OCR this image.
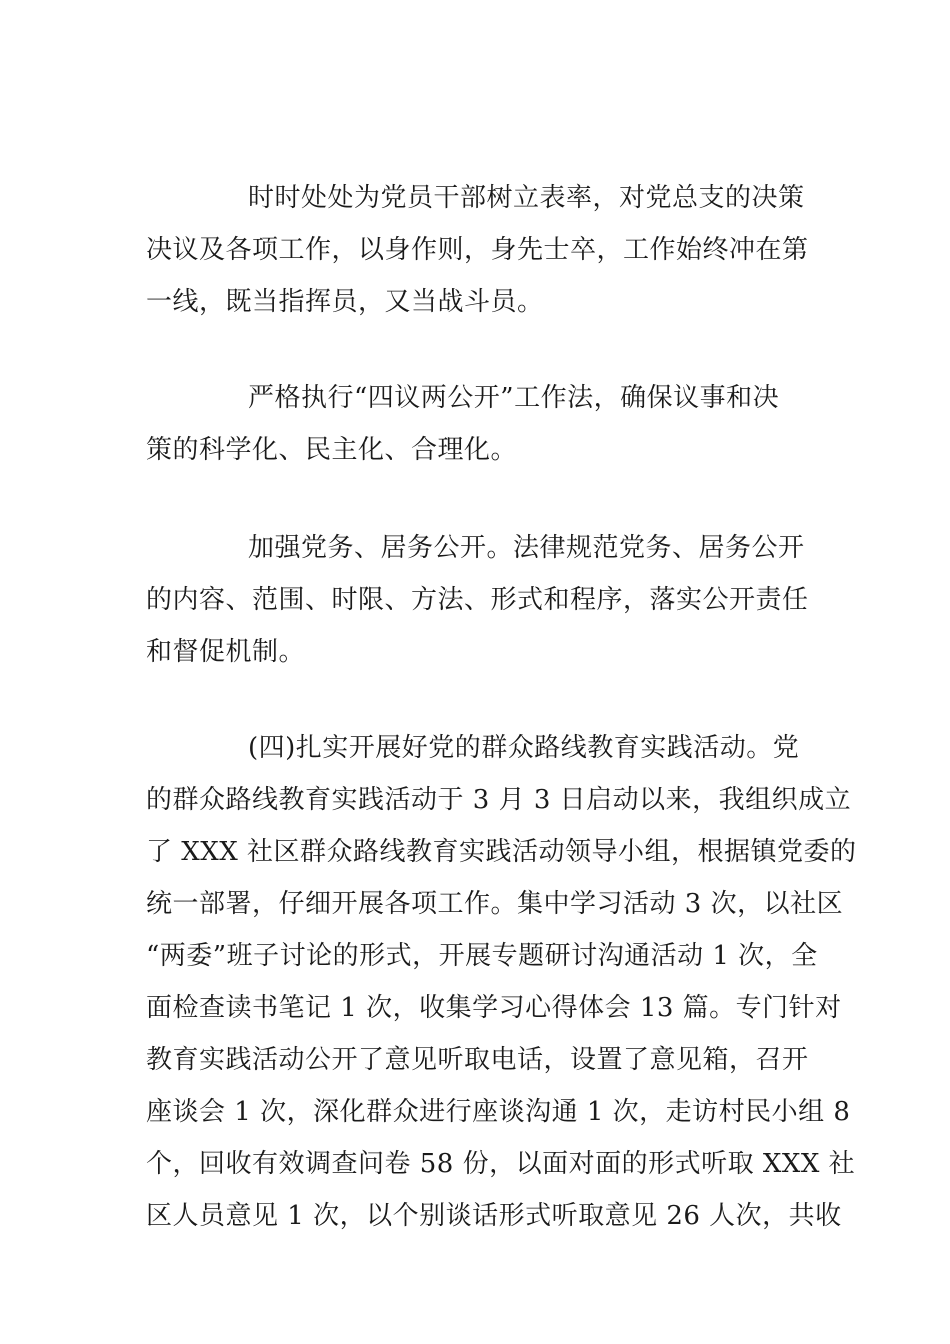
时时处处为党员干部树立表率，对党总支的决策
决议及各项工作，以身作则，身先士卒，工作始终冲在第
一线，既当指挥员，又当战斗员。
严格执行“四议两公开”工作法，确保议事和决
策的科学化、民主化、合理化。
加强党务、居务公开。法律规范党务、居务公开
的内容、范围、时限、方法、形式和程序，落实公开责任
和督促机制。
(四)扎实开展好党的群众路线教育实践活动。党
的群众路线教育实践活动于 3 月 3 日启动以来，我组织成立
了 XXX 社区群众路线教育实践活动领导小组，根据镇党委的
统一部署，仔细开展各项工作。集中学习活动 3 次，以社区
“两委”班子讨论的形式，开展专题研讨沟通活动 1 次，全
面检查读书笔记 1 次，收集学习心得体会 13 篇。专门针对
教育实践活动公开了意见听取电话，设置了意见箱，召开
座谈会 1 次，深化群众进行座谈沟通 1 次，走访村民小组 8
个，回收有效调查问卷 58 份，以面对面的形式听取 XXX 社
区人员意见 1 次，以个别谈话形式听取意见 26 人次，共收
